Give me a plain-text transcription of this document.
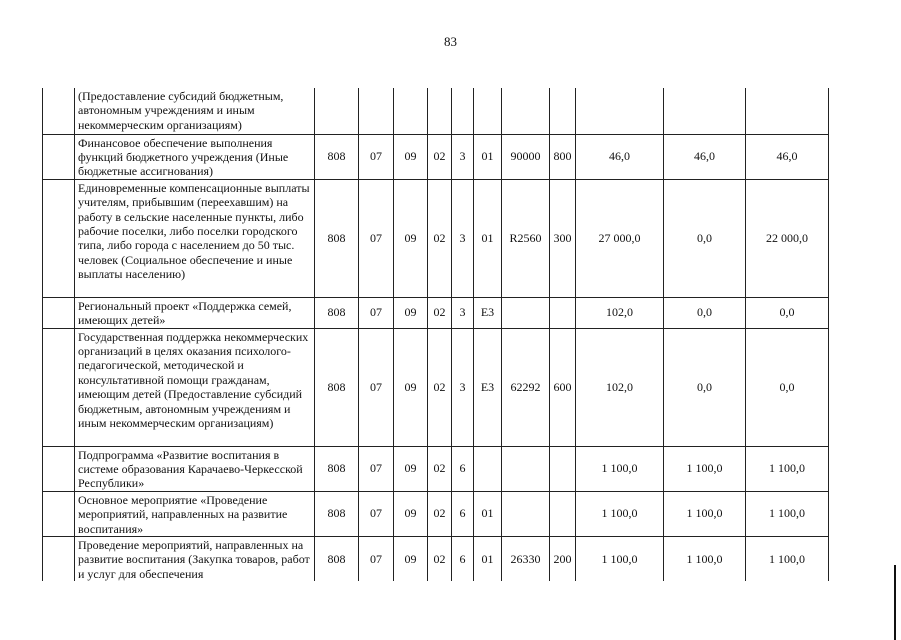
83
	(Предоставление субсидий бюджетным, автономным учреждениям и иным некоммерческим организациям)											
	Финансовое обеспечение выполнения функций бюджетного учреждения (Иные бюджетные ассигнования)	808	07	09	02	3	01	90000	800	46,0	46,0	46,0
	Единовременные компенсационные выплаты учителям, прибывшим (переехавшим) на работу в сельские населенные пункты, либо рабочие поселки, либо поселки городского типа, либо города с населением до 50 тыс. человек (Социальное обеспечение и иные выплаты населению)	808	07	09	02	3	01	R2560	300	27 000,0	0,0	22 000,0
	Региональный проект «Поддержка семей, имеющих детей»	808	07	09	02	3	Е3			102,0	0,0	0,0
	Государственная поддержка некоммерческих организаций в целях оказания психолого-педагогической, методической и консультативной помощи гражданам, имеющим детей (Предоставление субсидий бюджетным, автономным учреждениям и иным некоммерческим организациям)	808	07	09	02	3	Е3	62292	600	102,0	0,0	0,0
	Подпрограмма «Развитие воспитания в системе образования Карачаево-Черкесской Республики»	808	07	09	02	6				1 100,0	1 100,0	1 100,0
	Основное мероприятие «Проведение мероприятий, направленных на развитие воспитания»	808	07	09	02	6	01			1 100,0	1 100,0	1 100,0
	Проведение мероприятий, направленных на развитие воспитания (Закупка товаров, работ и услуг для обеспечения	808	07	09	02	6	01	26330	200	1 100,0	1 100,0	1 100,0
